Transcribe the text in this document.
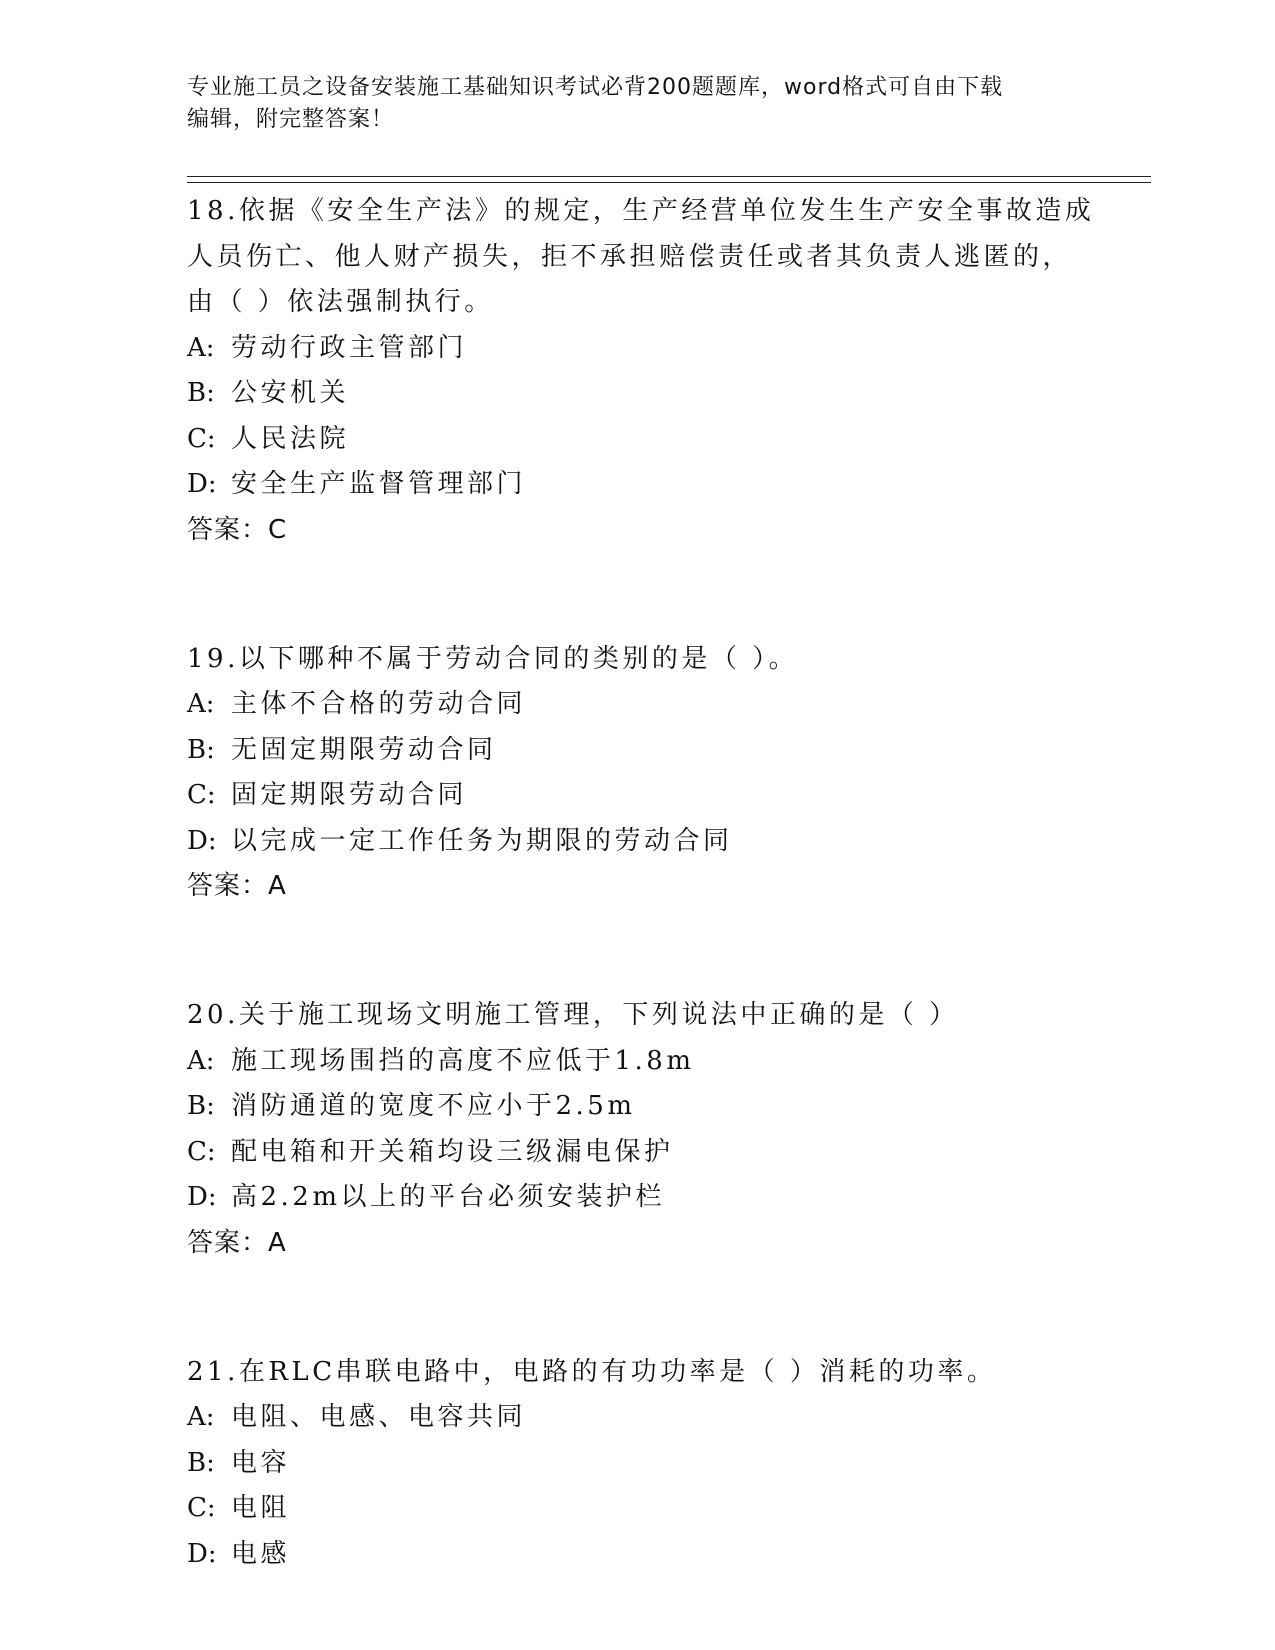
专业施工员之设备安装施工基础知识考试必背200题题库，word格式可自由下载
编辑，附完整答案！
18.依据《安全生产法》的规定，生产经营单位发生生产安全事故造成
人员伤亡、他人财产损失，拒不承担赔偿责任或者其负责人逃匿的，
由（ ）依法强制执行。
A: 劳动行政主管部门
B: 公安机关
C: 人民法院
D: 安全生产监督管理部门
答案：C
19.以下哪种不属于劳动合同的类别的是（ ）。
A: 主体不合格的劳动合同
B: 无固定期限劳动合同
C: 固定期限劳动合同
D: 以完成一定工作任务为期限的劳动合同
答案：A
20.关于施工现场文明施工管理，下列说法中正确的是（ ）
A: 施工现场围挡的高度不应低于1.8m
B: 消防通道的宽度不应小于2.5m
C: 配电箱和开关箱均设三级漏电保护
D: 高2.2m以上的平台必须安装护栏
答案：A
21.在RLC串联电路中，电路的有功功率是（ ）消耗的功率。
A: 电阻、电感、电容共同
B: 电容
C: 电阻
D: 电感
